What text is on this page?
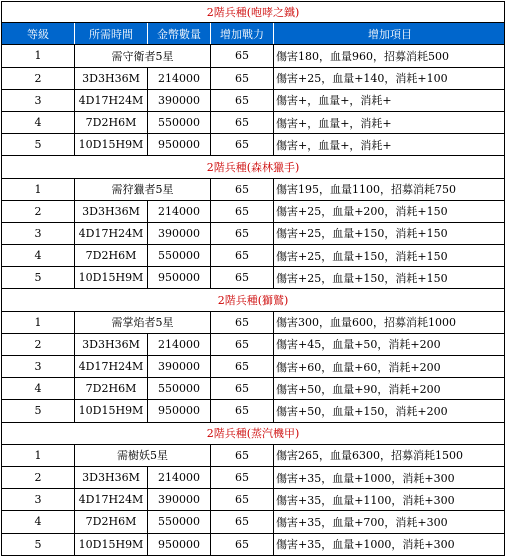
2階兵種(咆哮之鐵)
等級	所需時間	金幣數量	增加戰力	增加項目
1	需守衛者5星	65	傷害180，血量960，招募消耗500
2	3D3H36M	214000	65	傷害+25，血量+140，消耗+100
3	4D17H24M	390000	65	傷害+，血量+，消耗+
4	7D2H6M	550000	65	傷害+，血量+，消耗+
5	10D15H9M	950000	65	傷害+，血量+，消耗+
2階兵種(森林獵手)
1	需狩獵者5星	65	傷害195，血量1100，招募消耗750
2	3D3H36M	214000	65	傷害+25，血量+200，消耗+150
3	4D17H24M	390000	65	傷害+25，血量+150，消耗+150
4	7D2H6M	550000	65	傷害+25，血量+150，消耗+150
5	10D15H9M	950000	65	傷害+25，血量+150，消耗+150
2階兵種(獅鷲)
1	需掌焰者5星	65	傷害300，血量600，招募消耗1000
2	3D3H36M	214000	65	傷害+45，血量+50，消耗+200
3	4D17H24M	390000	65	傷害+60，血量+60，消耗+200
4	7D2H6M	550000	65	傷害+50，血量+90，消耗+200
5	10D15H9M	950000	65	傷害+50，血量+150，消耗+200
2階兵種(蒸汽機甲)
1	需樹妖5星	65	傷害265，血量6300，招募消耗1500
2	3D3H36M	214000	65	傷害+35，血量+1000，消耗+300
3	4D17H24M	390000	65	傷害+35，血量+1100，消耗+300
4	7D2H6M	550000	65	傷害+35，血量+700，消耗+300
5	10D15H9M	950000	65	傷害+35，血量+1000，消耗+300
